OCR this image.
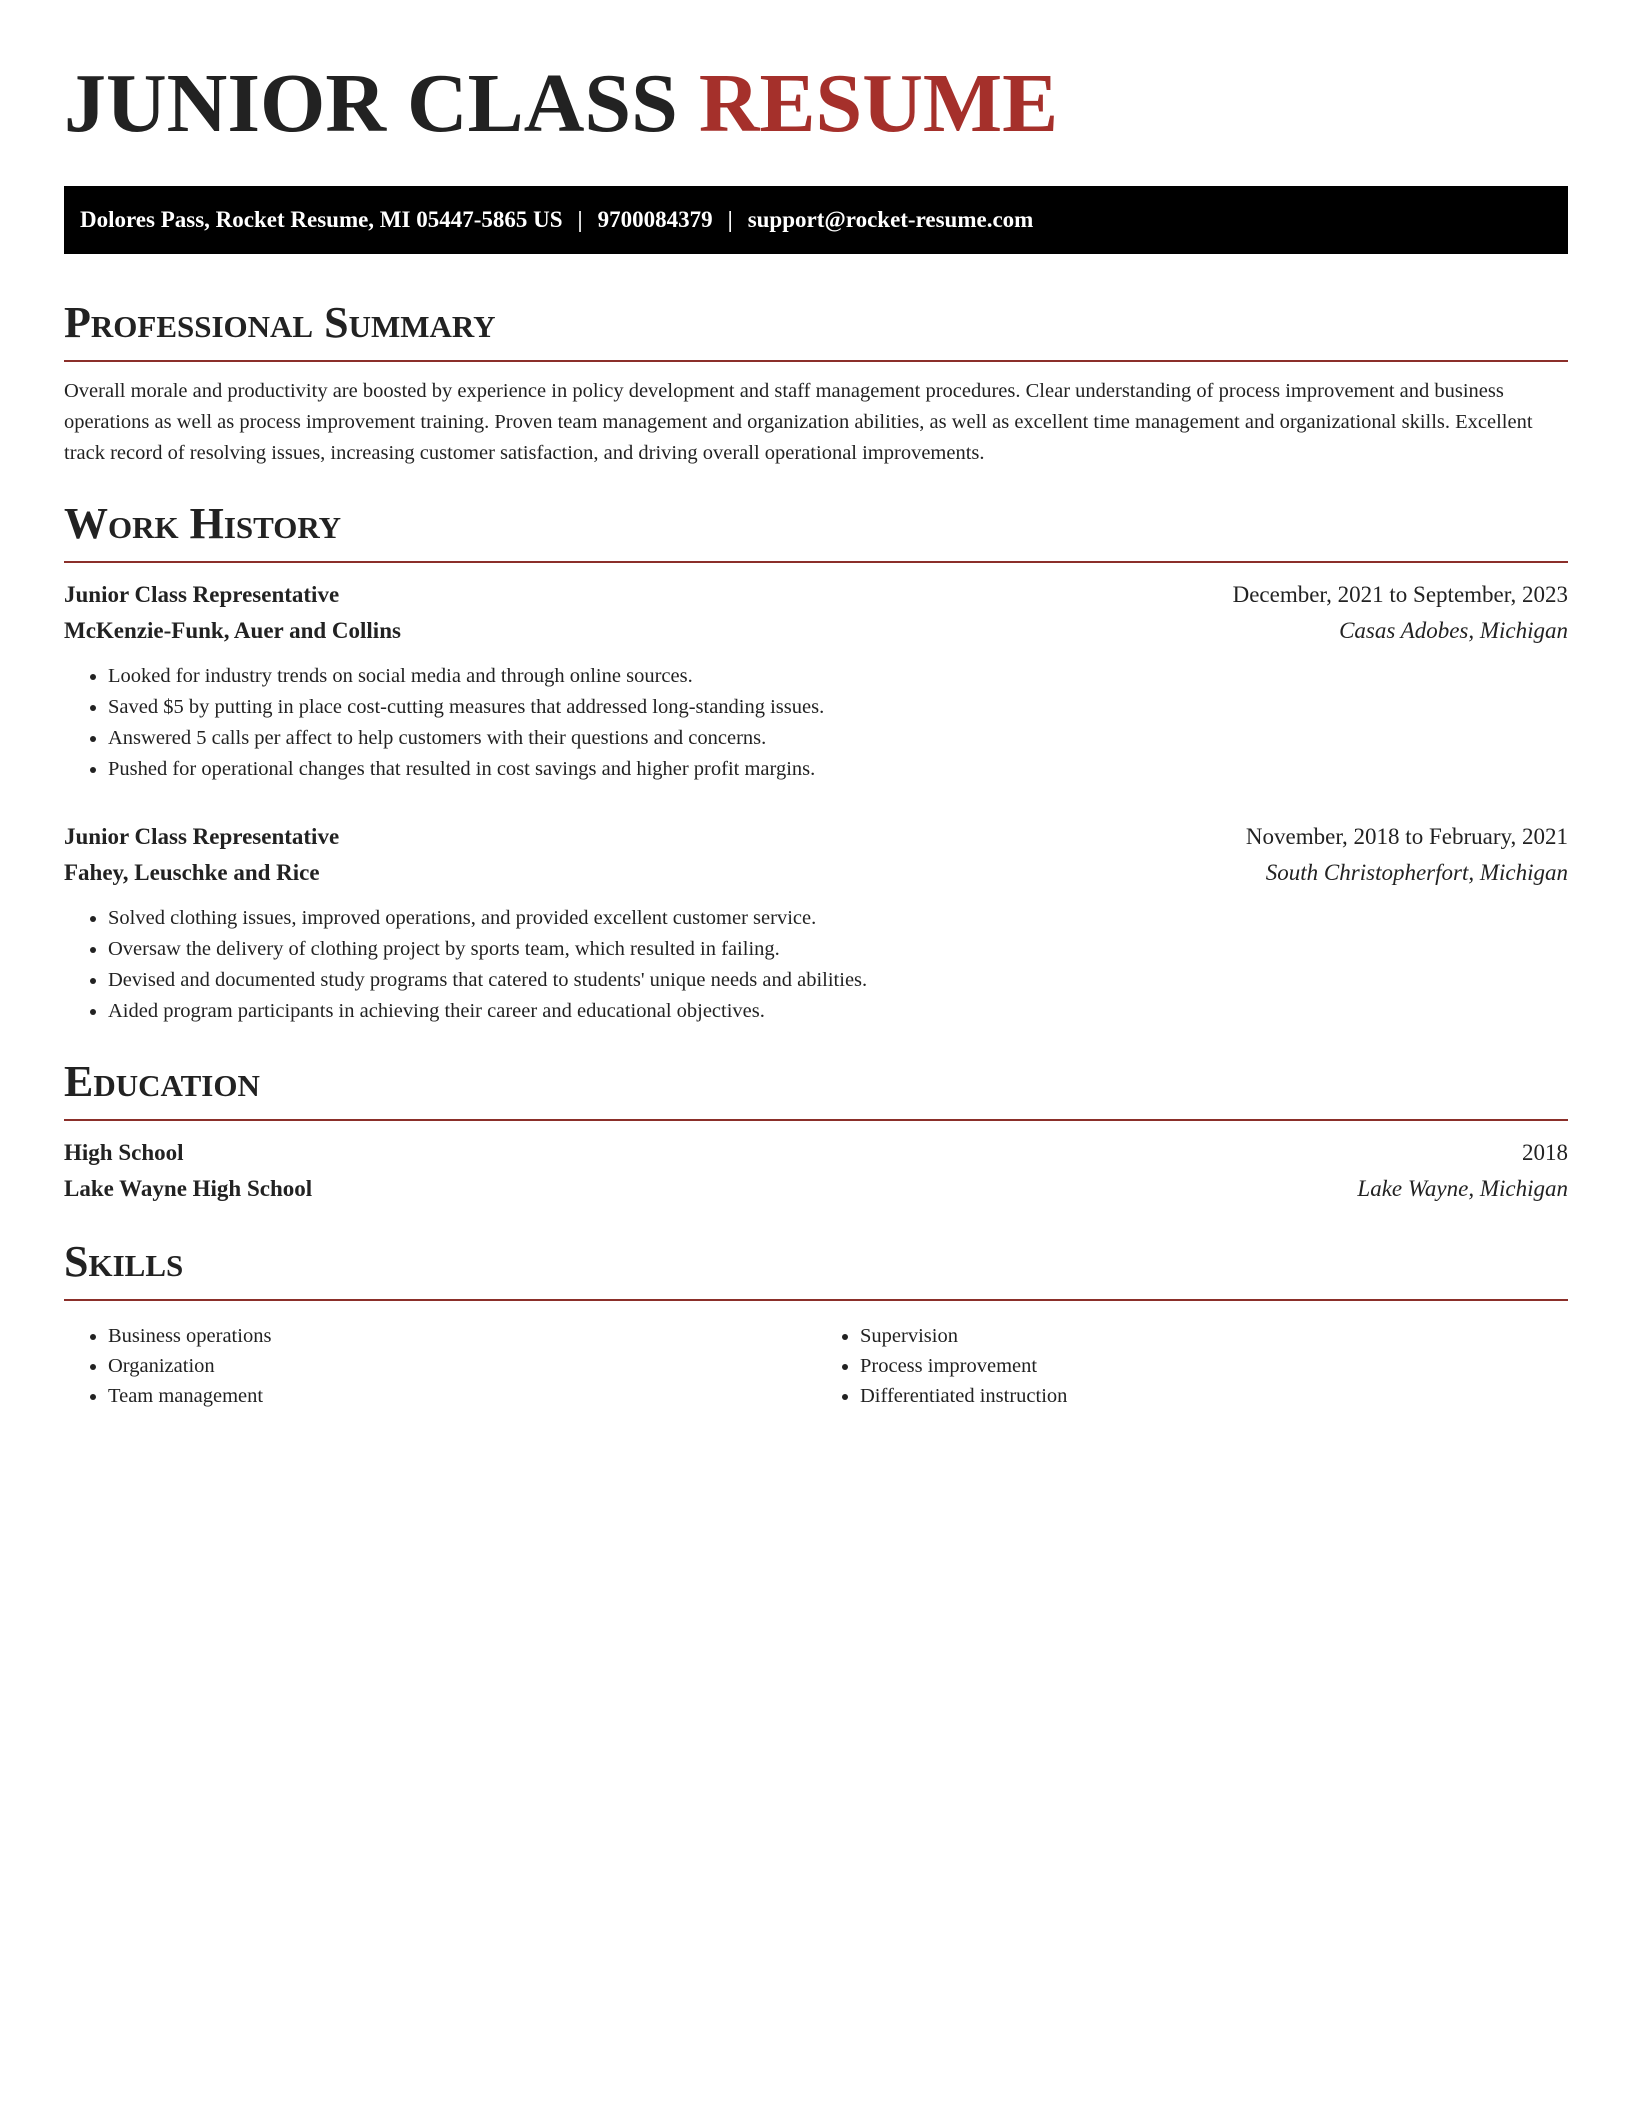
JUNIOR CLASS RESUME
Dolores Pass, Rocket Resume, MI 05447-5865 US | 9700084379 | support@rocket-resume.com
Professional Summary

Overall morale and productivity are boosted by experience in policy development and staff management procedures. Clear understanding of process improvement and business operations as well as process improvement training. Proven team management and organization abilities, as well as excellent time management and organizational skills. Excellent track record of resolving issues, increasing customer satisfaction, and driving overall operational improvements.

Work History
Junior Class Representative	December, 2021 to September, 2023
McKenzie-Funk, Auer and Collins	Casas Adobes, Michigan
• Looked for industry trends on social media and through online sources.
• Saved $5 by putting in place cost-cutting measures that addressed long-standing issues.
• Answered 5 calls per affect to help customers with their questions and concerns.
• Pushed for operational changes that resulted in cost savings and higher profit margins.
Junior Class Representative	November, 2018 to February, 2021
Fahey, Leuschke and Rice	South Christopherfort, Michigan
• Solved clothing issues, improved operations, and provided excellent customer service.
• Oversaw the delivery of clothing project by sports team, which resulted in failing.
• Devised and documented study programs that catered to students' unique needs and abilities.
• Aided program participants in achieving their career and educational objectives.
Education
High School	2018
Lake Wayne High School	Lake Wayne, Michigan
Skills
• Business operations
• Organization
• Team management
• Supervision
• Process improvement
• Differentiated instruction
